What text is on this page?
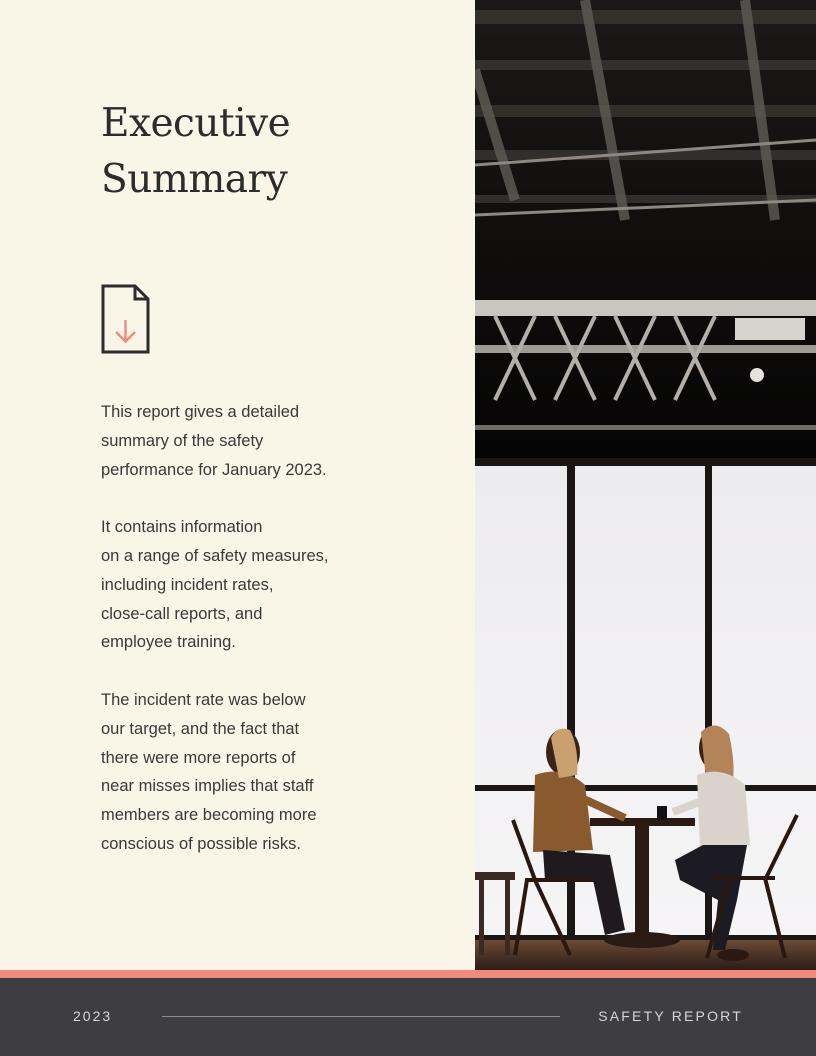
Executive
Summary

This report gives a detailed
summary of the safety
performance for January 2023.

It contains information
on a range of safety measures,
including incident rates,
close-call reports, and
employee training.

The incident rate was below
our target, and the fact that
there were more reports of
near misses implies that staff
members are becoming more
conscious of possible risks.

2023	SAFETY REPORT
